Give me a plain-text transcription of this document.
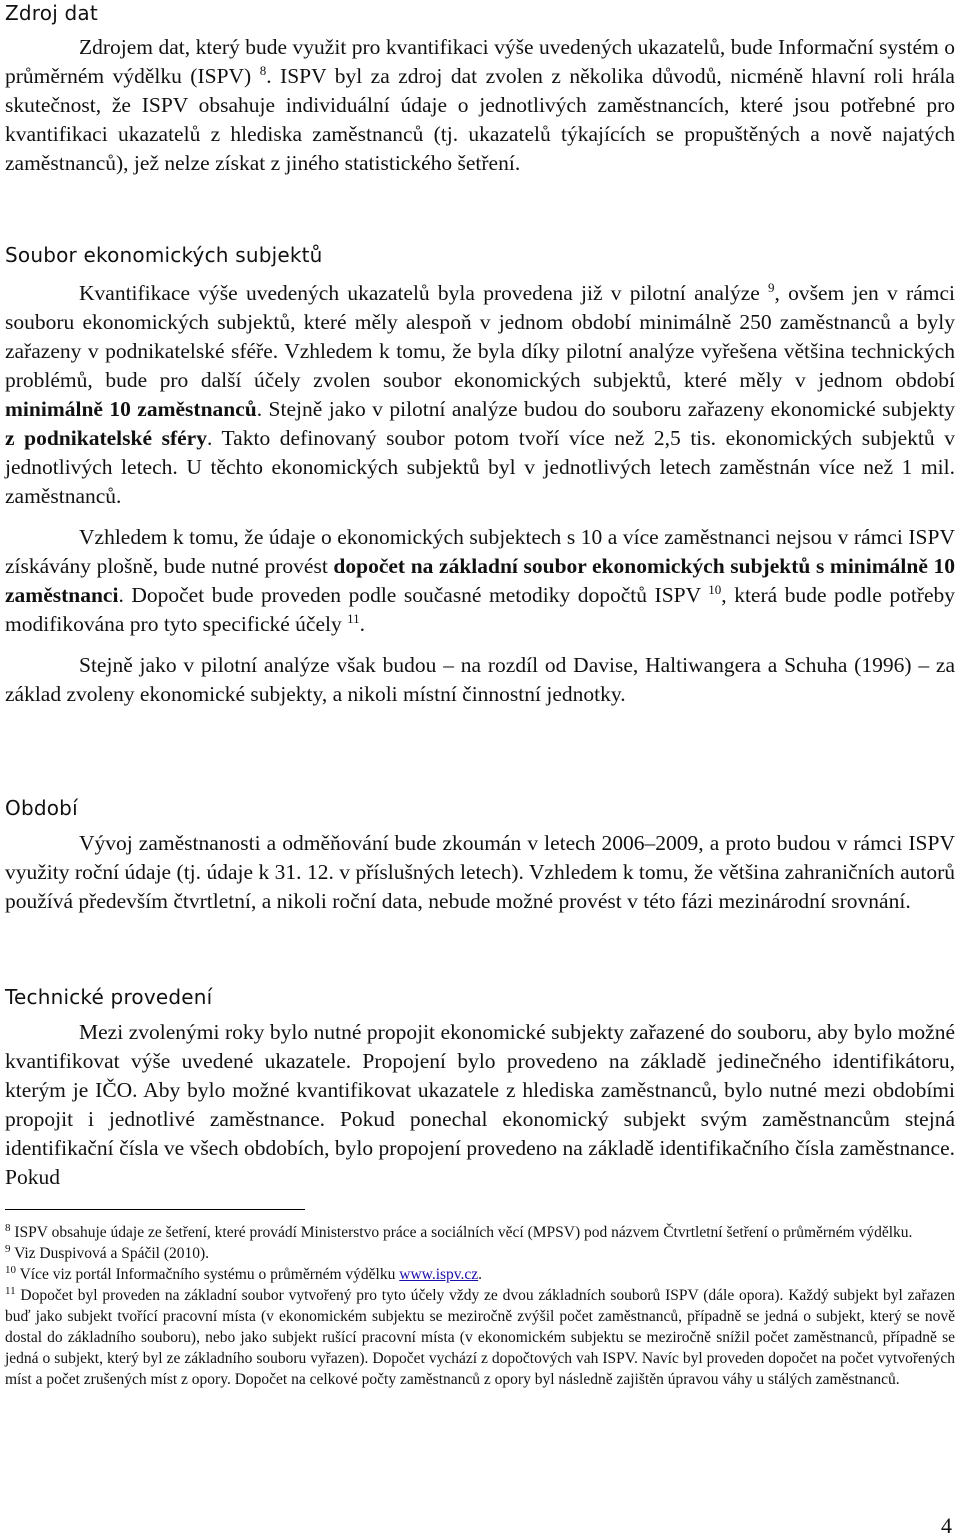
Zdroj dat

Zdrojem dat, který bude využit pro kvantifikaci výše uvedených ukazatelů, bude Informační systém o průměrném výdělku (ISPV) $^8$. ISPV byl za zdroj dat zvolen z několika důvodů, nicméně hlavní roli hrála skutečnost, že ISPV obsahuje individuální údaje o jednotlivých zaměstnancích, které jsou potřebné pro kvantifikaci ukazatelů z hlediska zaměstnanců (tj. ukazatelů týkajících se propuštěných a nově najatých zaměstnanců), jež nelze získat z jiného statistického šetření.

Soubor ekonomických subjektů

Kvantifikace výše uvedených ukazatelů byla provedena již v pilotní analýze $^9$, ovšem jen v rámci souboru ekonomických subjektů, které měly alespoň v jednom období minimálně 250 zaměstnanců a byly zařazeny v podnikatelské sféře. Vzhledem k tomu, že byla díky pilotní analýze vyřešena většina technických problémů, bude pro další účely zvolen soubor ekonomických subjektů, které měly v jednom období minimálně 10 zaměstnanců. Stejně jako v pilotní analýze budou do souboru zařazeny ekonomické subjekty z podnikatelské sféry. Takto definovaný soubor potom tvoří více než 2,5 tis. ekonomických subjektů v jednotlivých letech. U těchto ekonomických subjektů byl v jednotlivých letech zaměstnán více než 1 mil. zaměstnanců.

Vzhledem k tomu, že údaje o ekonomických subjektech s 10 a více zaměstnanci nejsou v rámci ISPV získávány plošně, bude nutné provést dopočet na základní soubor ekonomických subjektů s minimálně 10 zaměstnanci. Dopočet bude proveden podle současné metodiky dopočtů ISPV $^{10}$, která bude podle potřeby modifikována pro tyto specifické účely $^{11}$.

Stejně jako v pilotní analýze však budou – na rozdíl od Davise, Haltiwangera a Schuha (1996) – za základ zvoleny ekonomické subjekty, a nikoli místní činnostní jednotky.

Období

Vývoj zaměstnanosti a odměňování bude zkoumán v letech 2006–2009, a proto budou v rámci ISPV využity roční údaje (tj. údaje k 31. 12. v příslušných letech). Vzhledem k tomu, že většina zahraničních autorů používá především čtvrtletní, a nikoli roční data, nebude možné provést v této fázi mezinárodní srovnání.

Technické provedení

Mezi zvolenými roky bylo nutné propojit ekonomické subjekty zařazené do souboru, aby bylo možné kvantifikovat výše uvedené ukazatele. Propojení bylo provedeno na základě jedinečného identifikátoru, kterým je IČO. Aby bylo možné kvantifikovat ukazatele z hlediska zaměstnanců, bylo nutné mezi obdobími propojit i jednotlivé zaměstnance. Pokud ponechal ekonomický subjekt svým zaměstnancům stejná identifikační čísla ve všech obdobích, bylo propojení provedeno na základě identifikačního čísla zaměstnance. Pokud

$^8$ ISPV obsahuje údaje ze šetření, které provádí Ministerstvo práce a sociálních věcí (MPSV) pod názvem Čtvrtletní šetření o průměrném výdělku.

$^9$ Viz Duspivová a Spáčil (2010).

$^{10}$ Více viz portál Informačního systému o průměrném výdělku www.ispv.cz.

$^{11}$ Dopočet byl proveden na základní soubor vytvořený pro tyto účely vždy ze dvou základních souborů ISPV (dále opora). Každý subjekt byl zařazen buď jako subjekt tvořící pracovní místa (v ekonomickém subjektu se meziročně zvýšil počet zaměstnanců, případně se jedná o subjekt, který se nově dostal do základního souboru), nebo jako subjekt rušící pracovní místa (v ekonomickém subjektu se meziročně snížil počet zaměstnanců, případně se jedná o subjekt, který byl ze základního souboru vyřazen). Dopočet vychází z dopočtových vah ISPV. Navíc byl proveden dopočet na počet vytvořených míst a počet zrušených míst z opory. Dopočet na celkové počty zaměstnanců z opory byl následně zajištěn úpravou váhy u stálých zaměstnanců.

4
